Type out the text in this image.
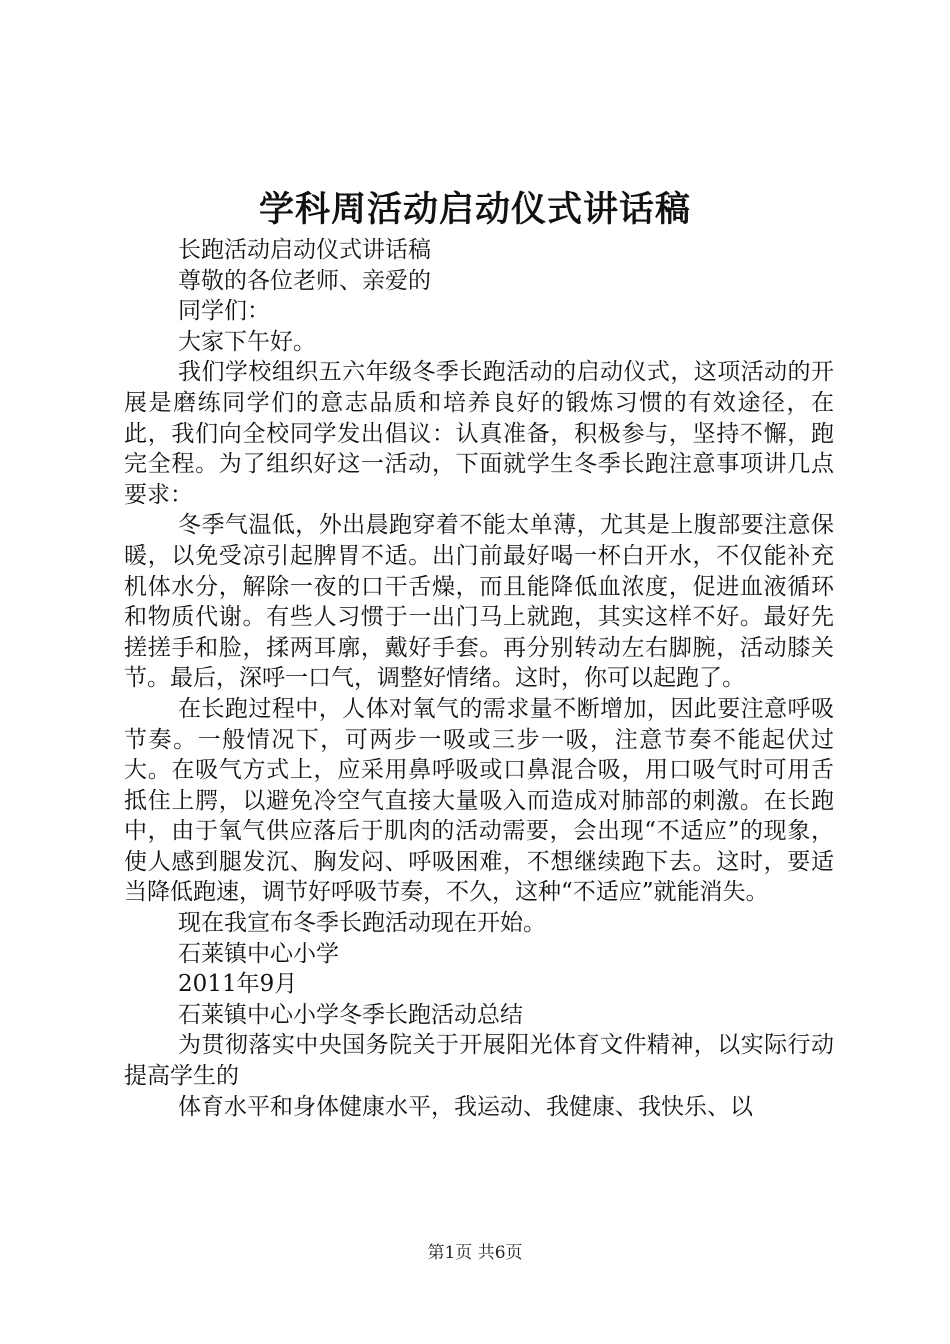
学科周活动启动仪式讲话稿

长跑活动启动仪式讲话稿

尊敬的各位老师、亲爱的

同学们：

大家下午好。

我们学校组织五六年级冬季长跑活动的启动仪式，这项活动的开展是磨练同学们的意志品质和培养良好的锻炼习惯的有效途径，在此，我们向全校同学发出倡议：认真准备，积极参与，坚持不懈，跑完全程。为了组织好这一活动，下面就学生冬季长跑注意事项讲几点要求：

冬季气温低，外出晨跑穿着不能太单薄，尤其是上腹部要注意保暖，以免受凉引起脾胃不适。出门前最好喝一杯白开水，不仅能补充机体水分，解除一夜的口干舌燥，而且能降低血浓度，促进血液循环和物质代谢。有些人习惯于一出门马上就跑，其实这样不好。最好先搓搓手和脸，揉两耳廓，戴好手套。再分别转动左右脚腕，活动膝关节。最后，深呼一口气，调整好情绪。这时，你可以起跑了。

在长跑过程中，人体对氧气的需求量不断增加，因此要注意呼吸节奏。一般情况下，可两步一吸或三步一吸，注意节奏不能起伏过大。在吸气方式上，应采用鼻呼吸或口鼻混合吸，用口吸气时可用舌抵住上腭，以避免冷空气直接大量吸入而造成对肺部的刺激。在长跑中，由于氧气供应落后于肌肉的活动需要，会出现“不适应”的现象，使人感到腿发沉、胸发闷、呼吸困难，不想继续跑下去。这时，要适当降低跑速，调节好呼吸节奏，不久，这种“不适应”就能消失。

现在我宣布冬季长跑活动现在开始。

石莱镇中心小学

2011年9月

石莱镇中心小学冬季长跑活动总结

为贯彻落实中央国务院关于开展阳光体育文件精神，以实际行动提高学生的

体育水平和身体健康水平，我运动、我健康、我快乐、以

第1页 共6页
